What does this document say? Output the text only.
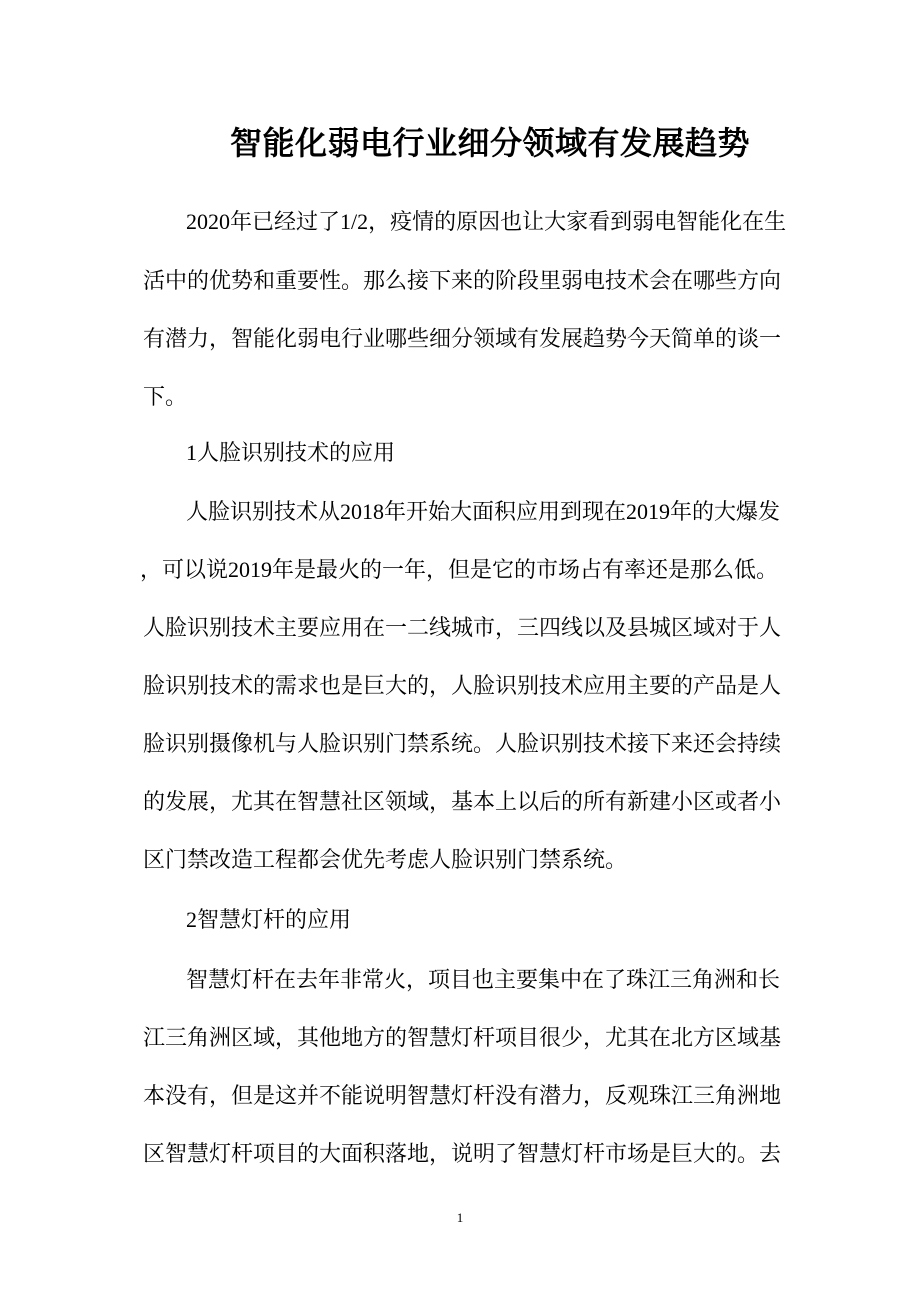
智能化弱电行业细分领域有发展趋势
2020年已经过了1/2，疫情的原因也让大家看到弱电智能化在生
活中的优势和重要性。那么接下来的阶段里弱电技术会在哪些方向
有潜力，智能化弱电行业哪些细分领域有发展趋势今天简单的谈一
下。
1人脸识别技术的应用
人脸识别技术从2018年开始大面积应用到现在2019年的大爆发
，可以说2019年是最火的一年，但是它的市场占有率还是那么低。
人脸识别技术主要应用在一二线城市，三四线以及县城区域对于人
脸识别技术的需求也是巨大的，人脸识别技术应用主要的产品是人
脸识别摄像机与人脸识别门禁系统。人脸识别技术接下来还会持续
的发展，尤其在智慧社区领域，基本上以后的所有新建小区或者小
区门禁改造工程都会优先考虑人脸识别门禁系统。
2智慧灯杆的应用
智慧灯杆在去年非常火，项目也主要集中在了珠江三角洲和长
江三角洲区域，其他地方的智慧灯杆项目很少，尤其在北方区域基
本没有，但是这并不能说明智慧灯杆没有潜力，反观珠江三角洲地
区智慧灯杆项目的大面积落地，说明了智慧灯杆市场是巨大的。去
1
